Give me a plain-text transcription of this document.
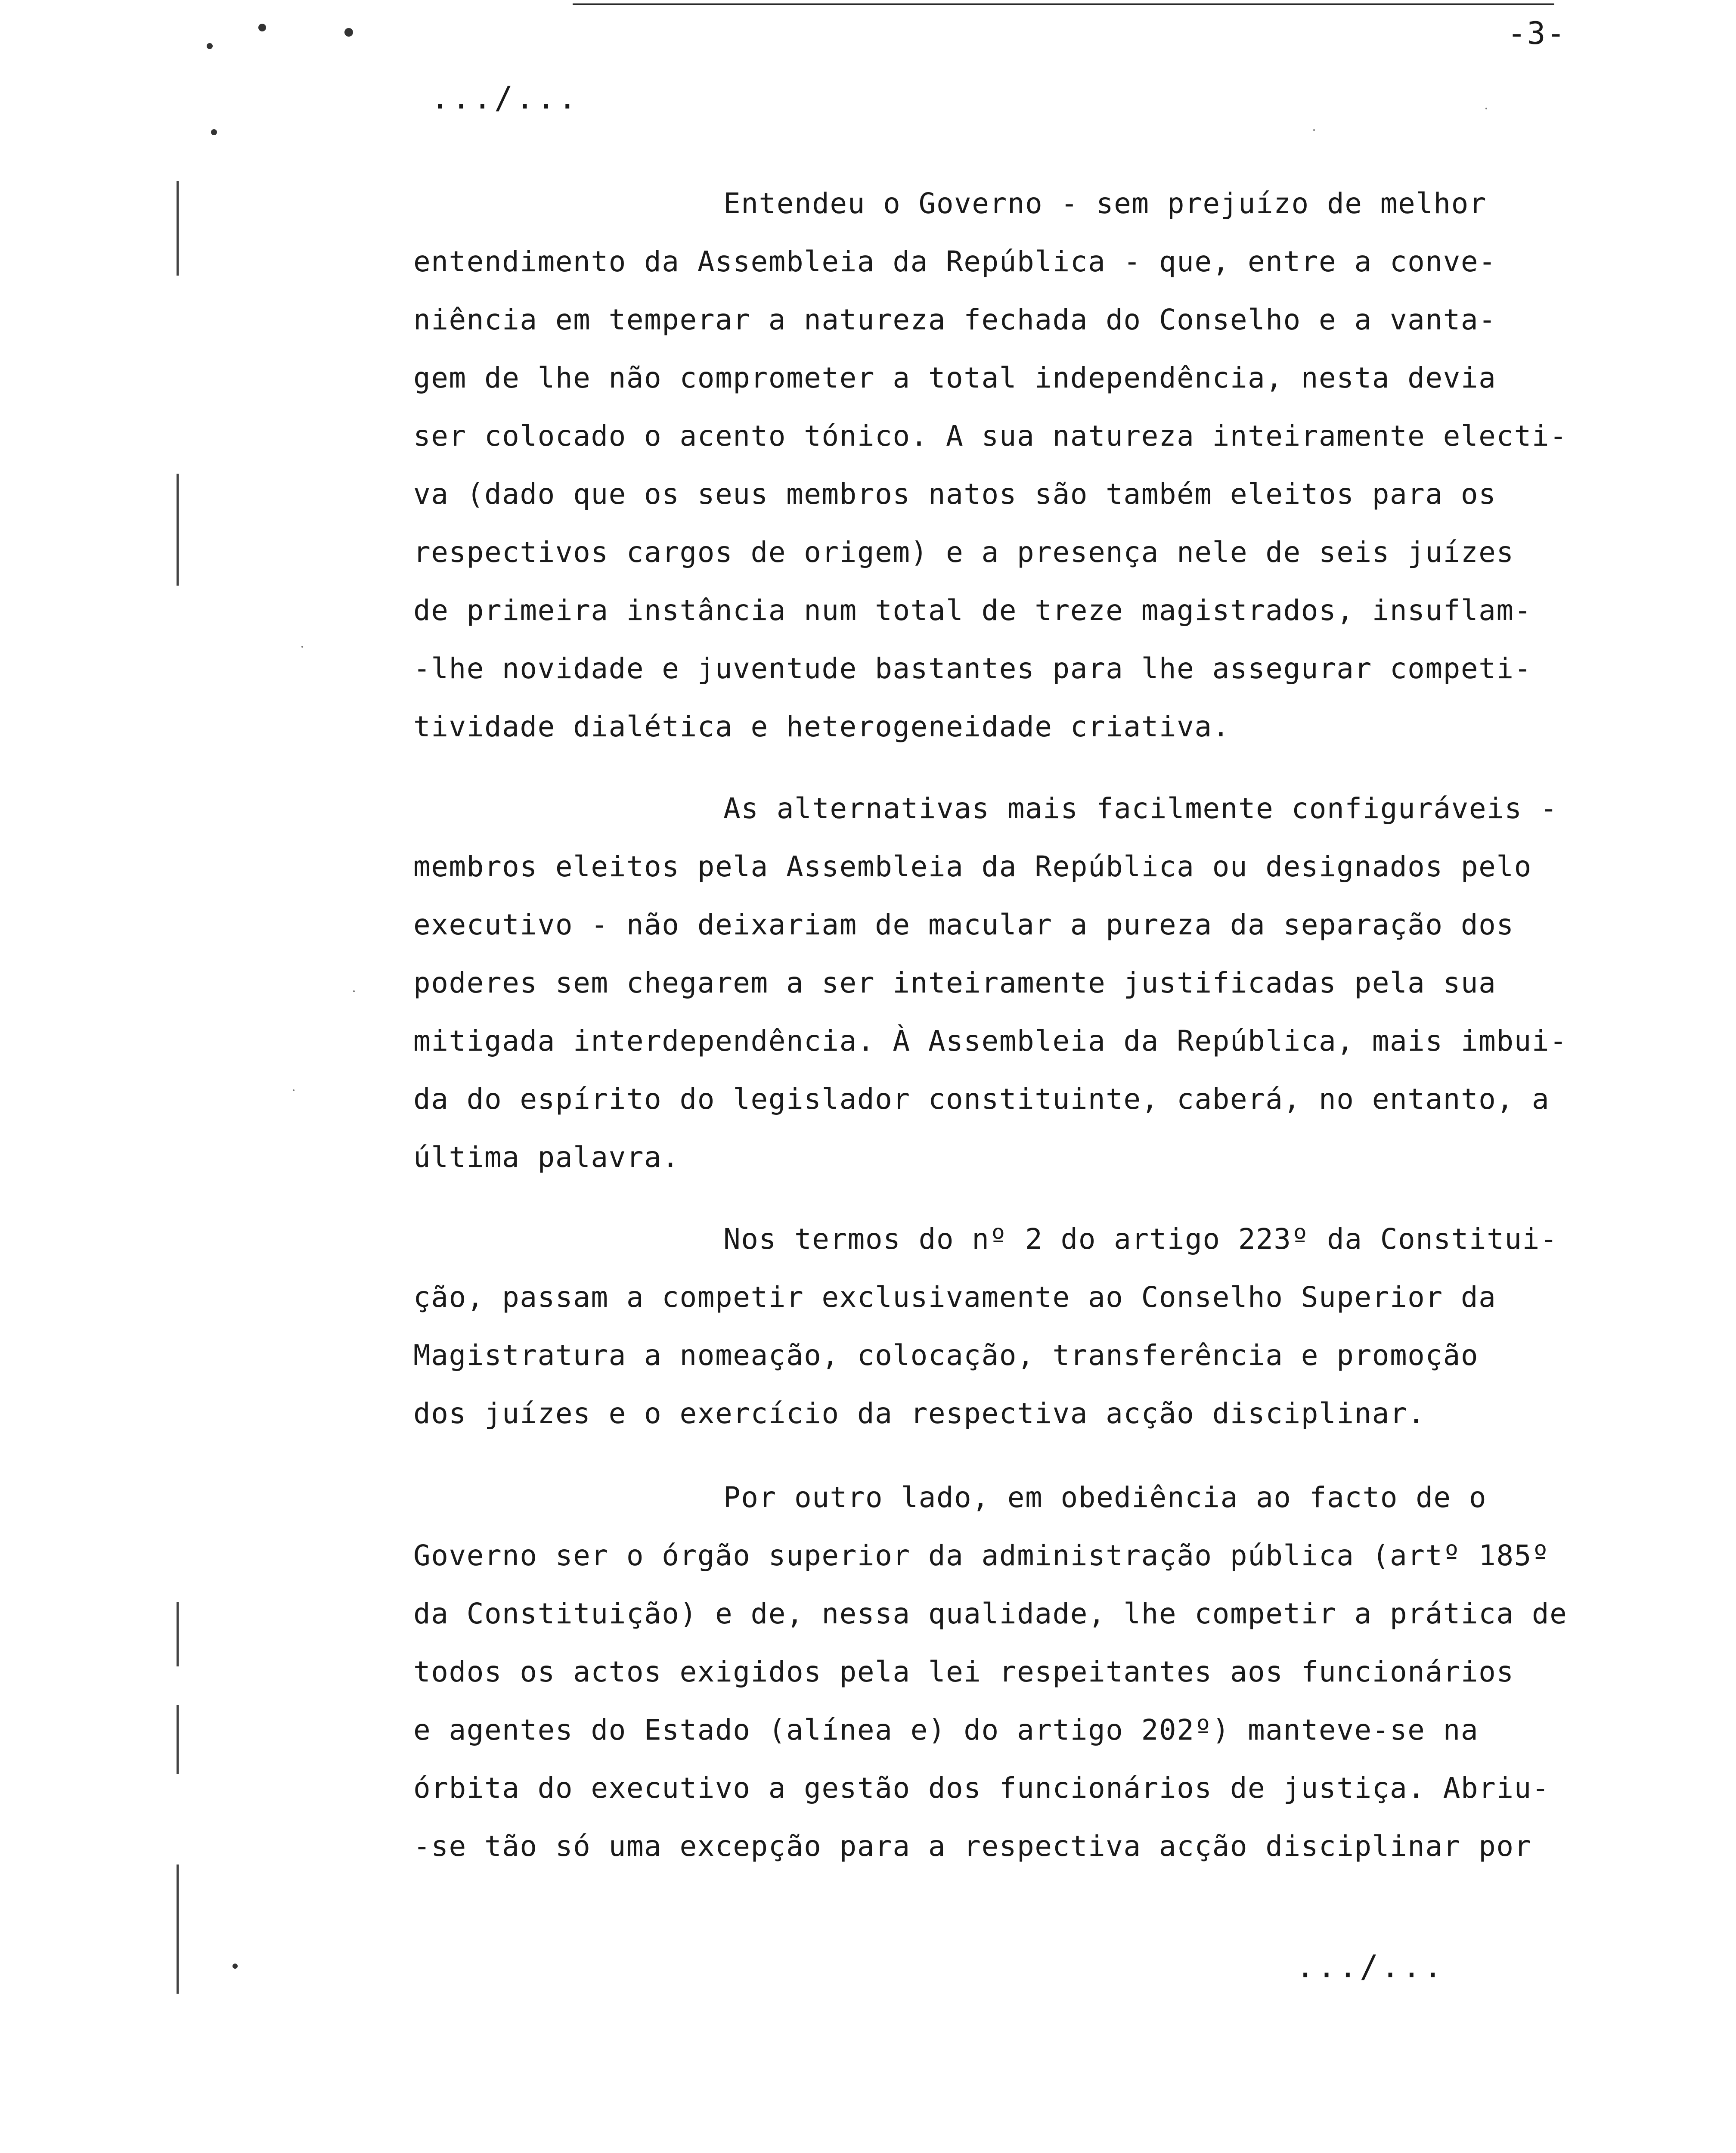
-3-
.../...
Entendeu o Governo - sem prejuízo de melhor
entendimento da Assembleia da República - que, entre a conve-
niência em temperar a natureza fechada do Conselho e a vanta-
gem de lhe não comprometer a total independência, nesta devia
ser colocado o acento tónico. A sua natureza inteiramente electi-
va (dado que os seus membros natos são também eleitos para os
respectivos cargos de origem) e a presença nele de seis juízes
de primeira instância num total de treze magistrados, insuflam-
-lhe novidade e juventude bastantes para lhe assegurar competi-
tividade dialética e heterogeneidade criativa.
As alternativas mais facilmente configuráveis -
membros eleitos pela Assembleia da República ou designados pelo
executivo - não deixariam de macular a pureza da separação dos
poderes sem chegarem a ser inteiramente justificadas pela sua
mitigada interdependência. À Assembleia da República, mais imbui-
da do espírito do legislador constituinte, caberá, no entanto, a
última palavra.
Nos termos do nº 2 do artigo 223º da Constitui-
ção, passam a competir exclusivamente ao Conselho Superior da
Magistratura a nomeação, colocação, transferência e promoção
dos juízes e o exercício da respectiva acção disciplinar.
Por outro lado, em obediência ao facto de o
Governo ser o órgão superior da administração pública (artº 185º
da Constituição) e de, nessa qualidade, lhe competir a prática de
todos os actos exigidos pela lei respeitantes aos funcionários
e agentes do Estado (alínea e) do artigo 202º) manteve-se na
órbita do executivo a gestão dos funcionários de justiça. Abriu-
-se tão só uma excepção para a respectiva acção disciplinar por
.../...
